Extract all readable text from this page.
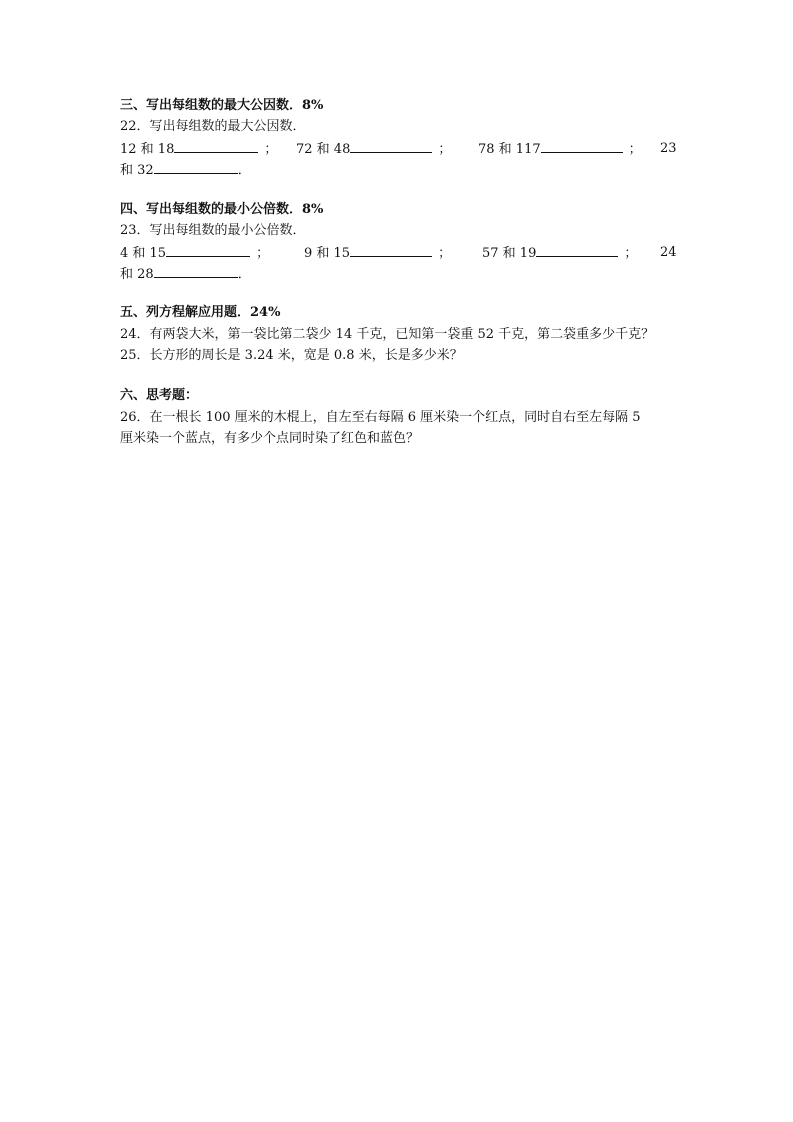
三、写出每组数的最大公因数．8%
22．写出每组数的最大公因数．
12 和 18	； 72 和 48	； 78 和 117	； 23
和 32	．
四、写出每组数的最小公倍数．8%
23．写出每组数的最小公倍数．
4 和 15	；	9 和 15	； 57 和 19	； 24
和 28	．
五、列方程解应用题．24%
24．有两袋大米，第一袋比第二袋少 14 千克，已知第一袋重 52 千克，第二袋重多少千克？
25．长方形的周长是 3.24 米，宽是 0.8 米，长是多少米？
六、思考题：
26．在一根长 100 厘米的木棍上，自左至右每隔 6 厘米染一个红点，同时自右至左每隔 5
厘米染一个蓝点，有多少个点同时染了红色和蓝色？
